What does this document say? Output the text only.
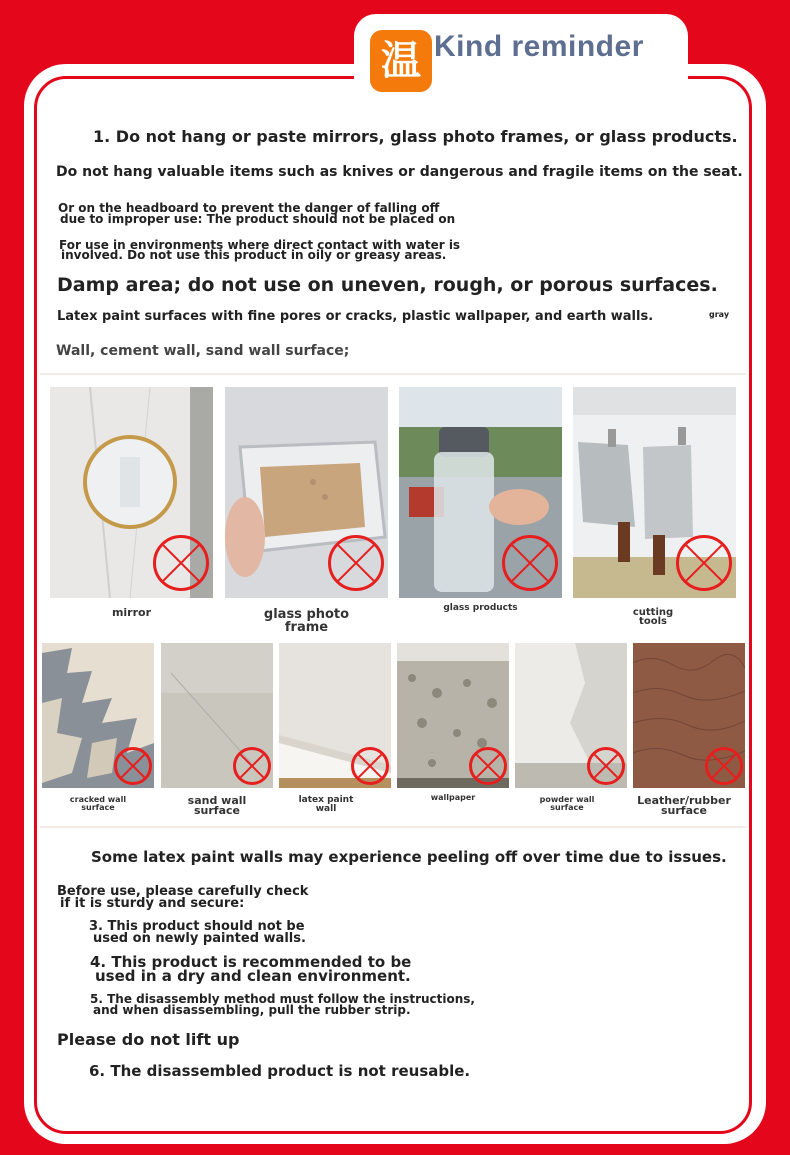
温 Kind reminder
1. Do not hang or paste mirrors, glass photo frames, or glass products.
Do not hang valuable items such as knives or dangerous and fragile items on the seat.
Or on the headboard to prevent the danger of falling off
due to improper use: The product should not be placed on
For use in environments where direct contact with water is
involved. Do not use this product in oily or greasy areas.
Damp area; do not use on uneven, rough, or porous surfaces.
Latex paint surfaces with fine pores or cracks, plastic wallpaper, and earth walls.	gray
Wall, cement wall, sand wall surface;
mirror	glass photo
frame
glass products	cutting
tools
cracked wall
surface
sand wall
surface
latex paint
wall
wallpaper	powder wall
surface
Leather/rubber
surface
Some latex paint walls may experience peeling off over time due to issues.
Before use, please carefully check
if it is sturdy and secure:
3. This product should not be
used on newly painted walls.
4. This product is recommended to be
used in a dry and clean environment.
5. The disassembly method must follow the instructions,
and when disassembling, pull the rubber strip.
Please do not lift up
6. The disassembled product is not reusable.
